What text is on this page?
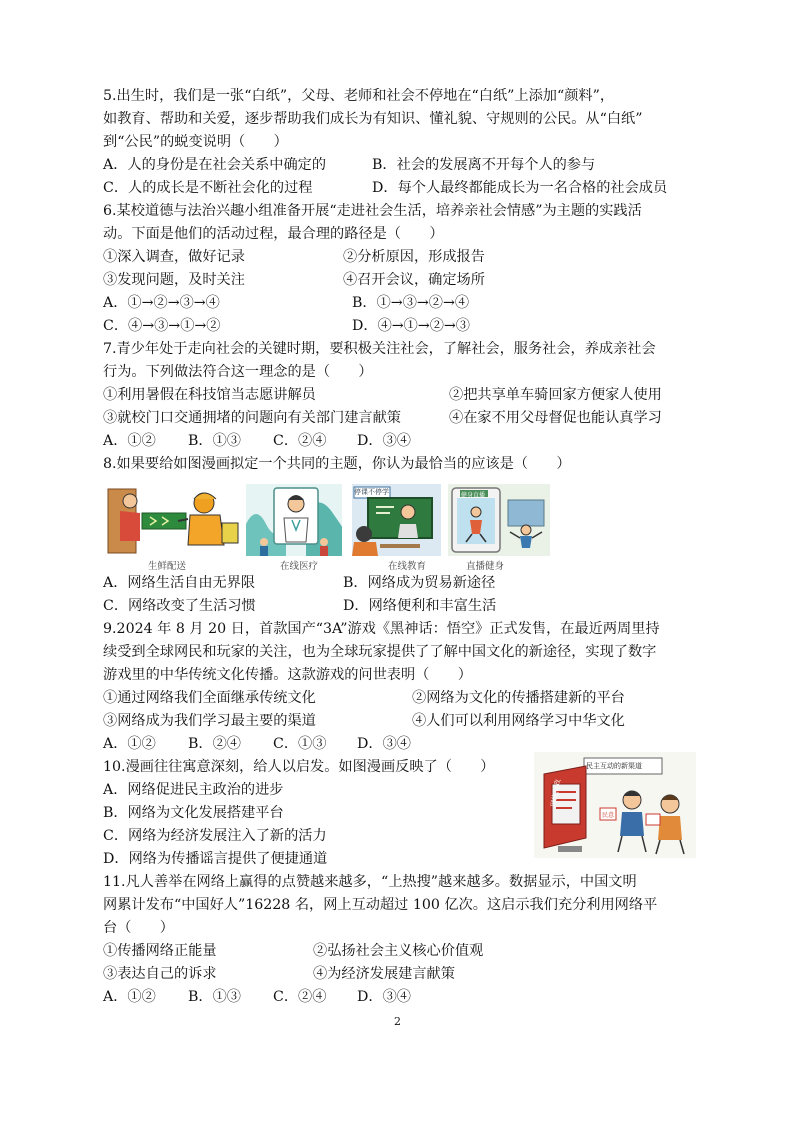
5.出生时，我们是一张“白纸”，父母、老师和社会不停地在“白纸”上添加“颜料”，
如教育、帮助和关爱，逐步帮助我们成长为有知识、懂礼貌、守规则的公民。从“白纸”
到“公民”的蜕变说明（　　）
A．人的身份是在社会关系中确定的	B．社会的发展离不开每个人的参与
C．人的成长是不断社会化的过程	D．每个人最终都能成长为一名合格的社会成员
6.某校道德与法治兴趣小组准备开展“走进社会生活，培养亲社会情感”为主题的实践活
动。下面是他们的活动过程，最合理的路径是（　　）
①深入调查，做好记录	②分析原因，形成报告
③发现问题，及时关注	④召开会议，确定场所
A．①→②→③→④	B．①→③→②→④
C．④→③→①→②	D．④→①→②→③
7.青少年处于走向社会的关键时期，要积极关注社会，了解社会，服务社会，养成亲社会
行为。下列做法符合这一理念的是（　　）
①利用暑假在科技馆当志愿讲解员	②把共享单车骑回家方便家人使用
③就校门口交通拥堵的问题向有关部门建言献策	④在家不用父母督促也能认真学习
A．①② B．①③ C．②④ D．③④
8.如果要给如图漫画拟定一个共同的主题，你认为最恰当的应该是（　　）
生鲜配送	在线医疗	在线教育
停课不停学
直播健身
健身直播
A．网络生活自由无界限	B．网络成为贸易新途径
C．网络改变了生活习惯	D．网络便利和丰富生活
9.2024 年 8 月 20 日，首款国产“3A”游戏《黑神话：悟空》正式发售，在最近两周里持
续受到全球网民和玩家的关注，也为全球玩家提供了了解中国文化的新途径，实现了数字
游戏里的中华传统文化传播。这款游戏的问世表明（　　）
①通过网络我们全面继承传统文化	②网络为文化的传播搭建新的平台
③网络成为我们学习最主要的渠道	④人们可以利用网络学习中华文化
A．①② B．②④ C．①③ D．③④
10.漫画往往寓意深刻，给人以启发。如图漫画反映了（　　）
A．网络促进民主政治的进步
B．网络为文化发展搭建平台
C．网络为经济发展注入了新的活力
D．网络为传播谣言提供了便捷通道
民主互动的新渠道
网络问政
民意
11.凡人善举在网络上赢得的点赞越来越多，“上热搜”越来越多。数据显示，中国文明
网累计发布“中国好人”16228 名，网上互动超过 100 亿次。这启示我们充分利用网络平
台（　　）
①传播网络正能量	②弘扬社会主义核心价值观
③表达自己的诉求	④为经济发展建言献策
A．①② B．①③ C．②④ D．③④
2
